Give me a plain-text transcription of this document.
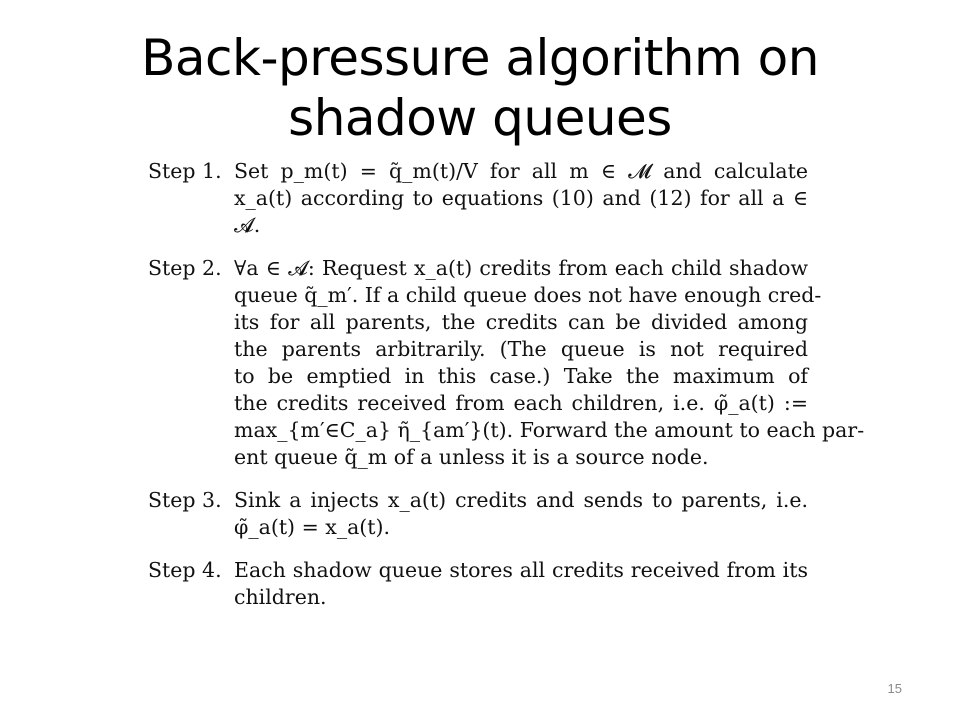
Back-pressure algorithm on
shadow queues
Step 1. Set p_m(t) = q̃_m(t)/V for all m ∈ 𝓜 and calculate
x_a(t) according to equations (10) and (12) for all a ∈
𝓐.
Step 2. ∀a ∈ 𝓐: Request x_a(t) credits from each child shadow
queue q̃_m′. If a child queue does not have enough cred-
its for all parents, the credits can be divided among
the parents arbitrarily. (The queue is not required
to be emptied in this case.) Take the maximum of
the credits received from each children, i.e. φ̃_a(t) :=
max_{m′∈C_a} η̃_{am′}(t). Forward the amount to each par-
ent queue q̃_m of a unless it is a source node.
Step 3. Sink a injects x_a(t) credits and sends to parents, i.e.
φ̃_a(t) = x_a(t).
Step 4. Each shadow queue stores all credits received from its
children.
15
